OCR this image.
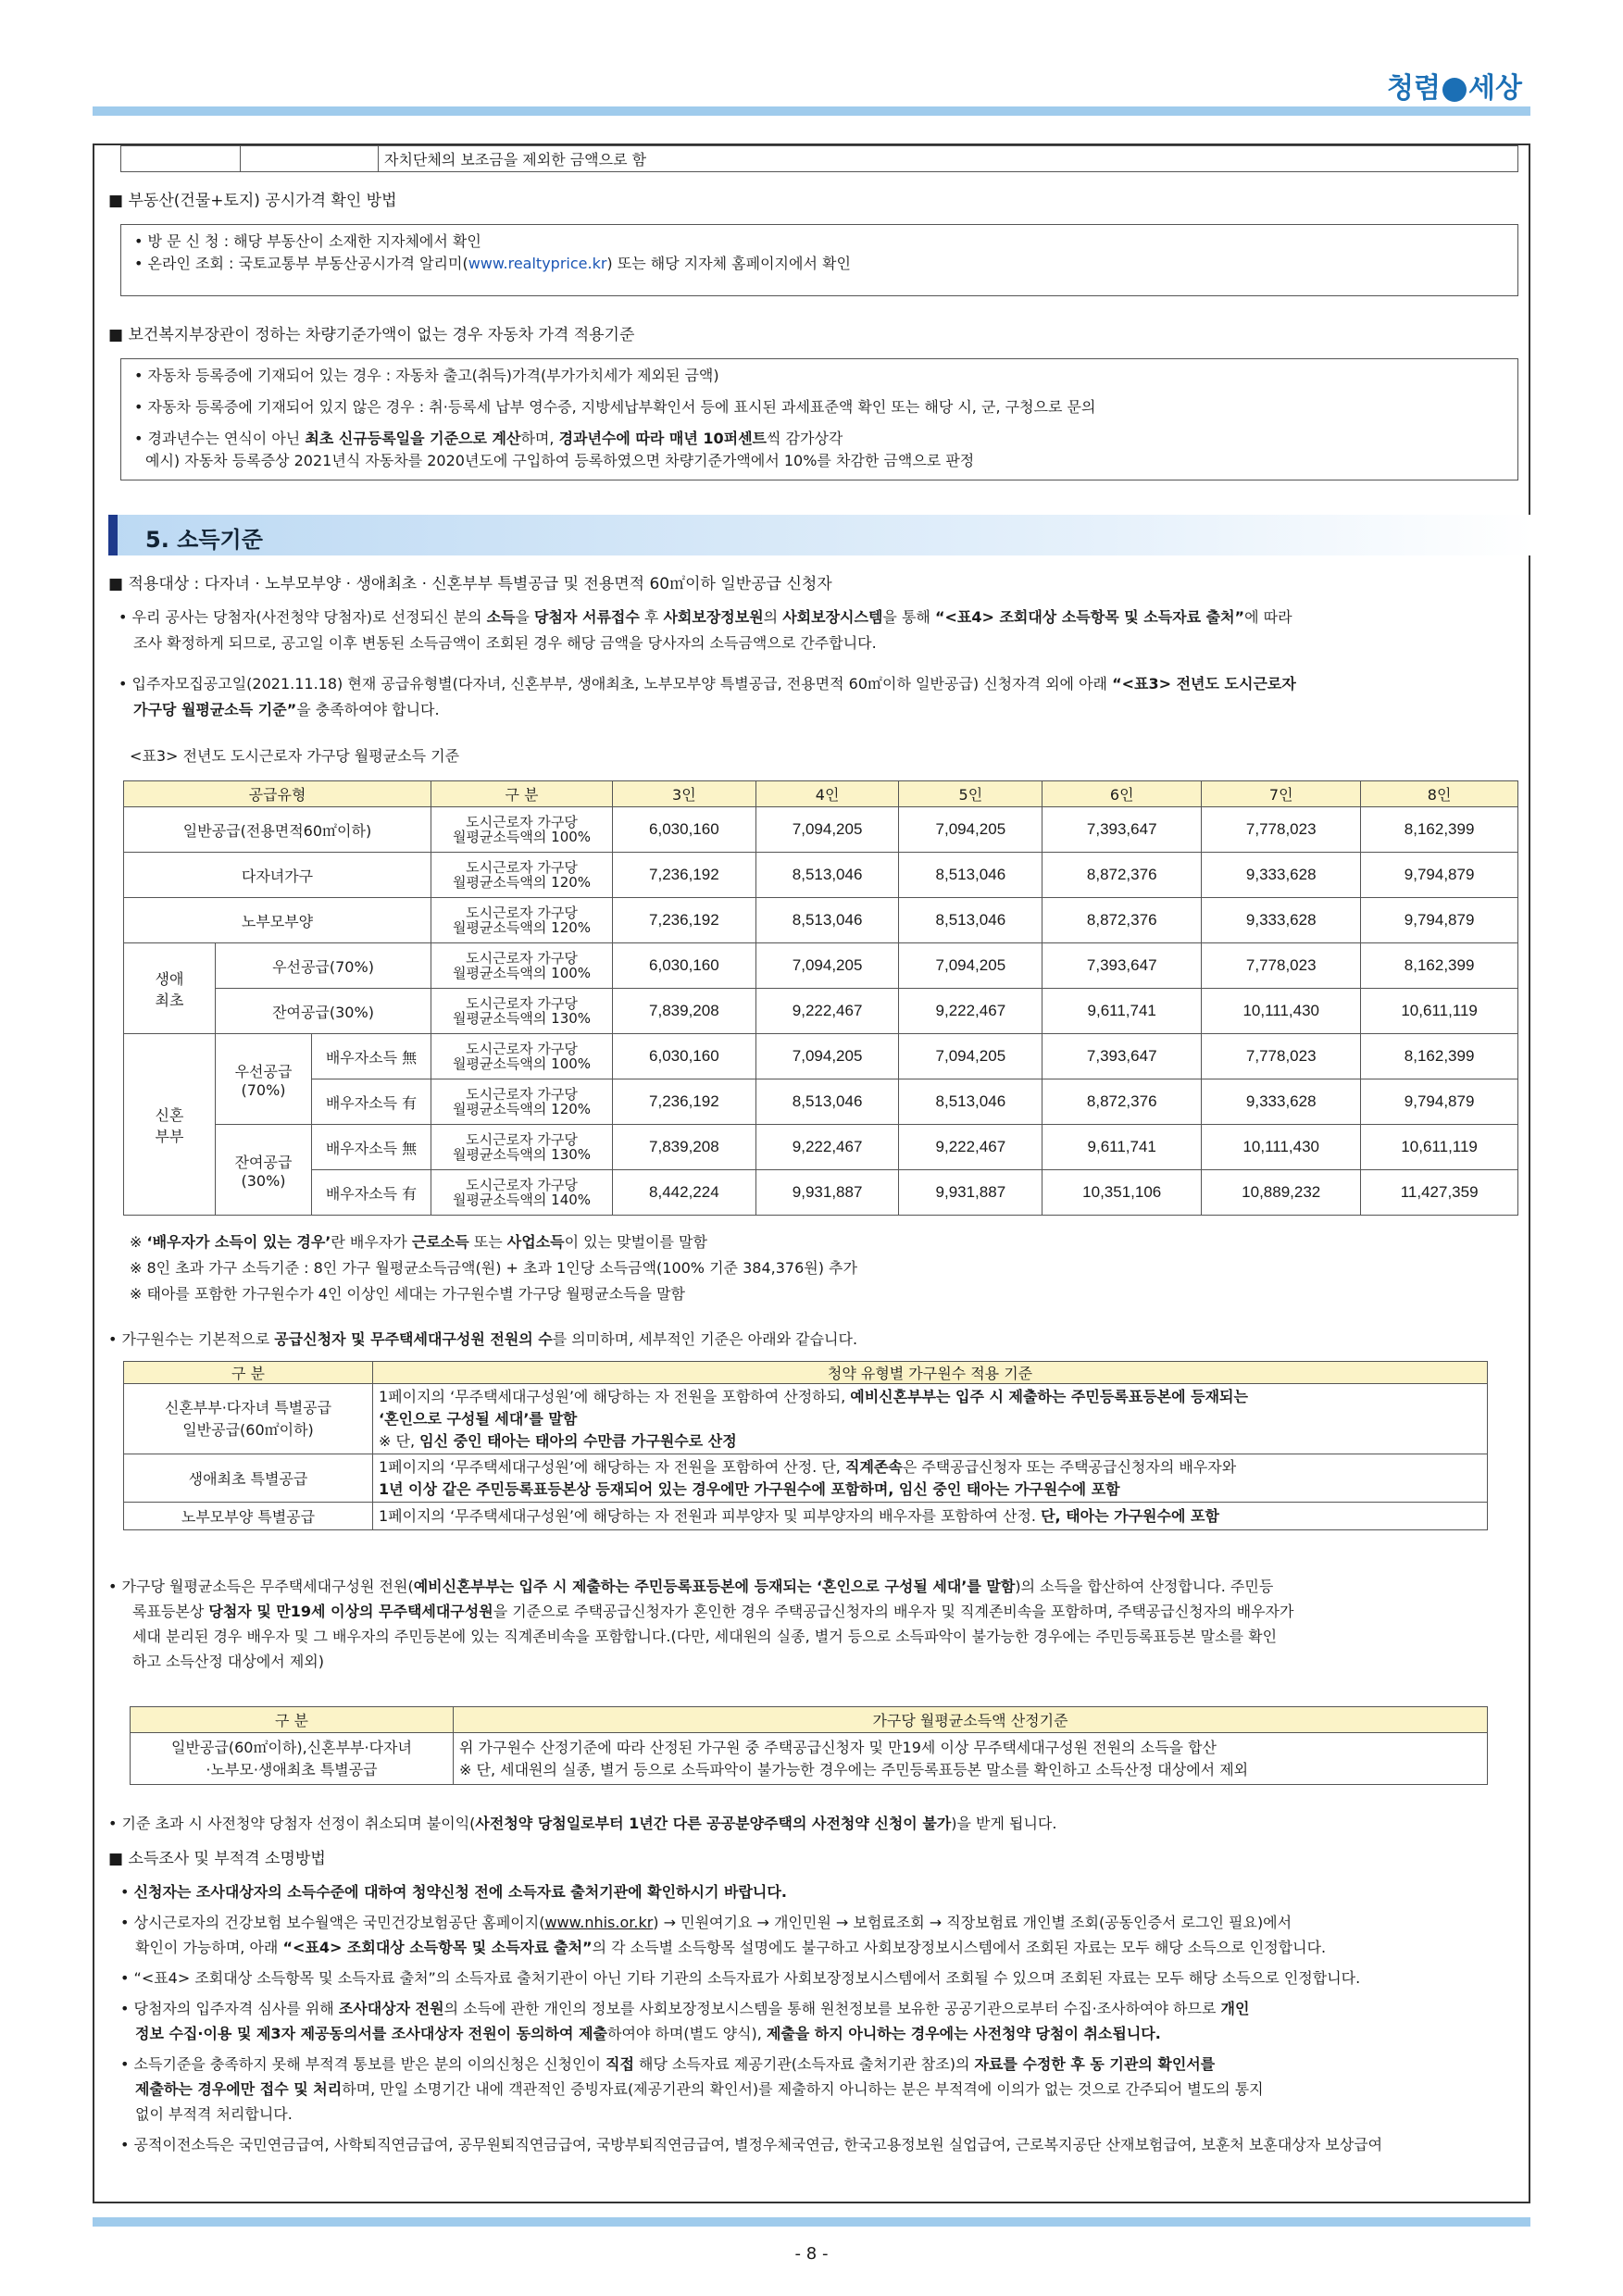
청렴 세상
		자치단체의 보조금을 제외한 금액으로 함
■ 부동산(건물+토지) 공시가격 확인 방법
• 방 문 신 청 : 해당 부동산이 소재한 지자체에서 확인
• 온라인 조회 : 국토교통부 부동산공시가격 알리미(www.realtyprice.kr) 또는 해당 지자체 홈페이지에서 확인
■ 보건복지부장관이 정하는 차량기준가액이 없는 경우 자동차 가격 적용기준
• 자동차 등록증에 기재되어 있는 경우 : 자동차 출고(취득)가격(부가가치세가 제외된 금액)
• 자동차 등록증에 기재되어 있지 않은 경우 : 취·등록세 납부 영수증, 지방세납부확인서 등에 표시된 과세표준액 확인 또는 해당 시, 군, 구청으로 문의
• 경과년수는 연식이 아닌 최초 신규등록일을 기준으로 계산하며, 경과년수에 따라 매년 10퍼센트씩 감가상각
예시) 자동차 등록증상 2021년식 자동차를 2020년도에 구입하여 등록하였으면 차량기준가액에서 10%를 차감한 금액으로 판정
5. 소득기준
■ 적용대상 : 다자녀 · 노부모부양 · 생애최초 · 신혼부부 특별공급 및 전용면적 60㎡이하 일반공급 신청자
• 우리 공사는 당첨자(사전청약 당첨자)로 선정되신 분의 소득을 당첨자 서류접수 후 사회보장정보원의 사회보장시스템을 통해 “<표4> 조회대상 소득항목 및 소득자료 출처”에 따라
조사 확정하게 되므로, 공고일 이후 변동된 소득금액이 조회된 경우 해당 금액을 당사자의 소득금액으로 간주합니다.
• 입주자모집공고일(2021.11.18) 현재 공급유형별(다자녀, 신혼부부, 생애최초, 노부모부양 특별공급, 전용면적 60㎡이하 일반공급) 신청자격 외에 아래 “<표3> 전년도 도시근로자
가구당 월평균소득 기준”을 충족하여야 합니다.
<표3> 전년도 도시근로자 가구당 월평균소득 기준
공급유형			구 분	3인	4인	5인	6인	7인	8인
일반공급(전용면적60㎡이하)			도시근로자 가구당
월평균소득액의 100%	6,030,160	7,094,205	7,094,205	7,393,647	7,778,023	8,162,399
다자녀가구			도시근로자 가구당
월평균소득액의 120%	7,236,192	8,513,046	8,513,046	8,872,376	9,333,628	9,794,879
노부모부양			도시근로자 가구당
월평균소득액의 120%	7,236,192	8,513,046	8,513,046	8,872,376	9,333,628	9,794,879
생애
최초	우선공급(70%)		도시근로자 가구당
월평균소득액의 100%	6,030,160	7,094,205	7,094,205	7,393,647	7,778,023	8,162,399
	잔여공급(30%)		도시근로자 가구당
월평균소득액의 130%	7,839,208	9,222,467	9,222,467	9,611,741	10,111,430	10,611,119
신혼
부부	우선공급
(70%)	배우자소득 無	도시근로자 가구당
월평균소득액의 100%	6,030,160	7,094,205	7,094,205	7,393,647	7,778,023	8,162,399
		배우자소득 有	도시근로자 가구당
월평균소득액의 120%	7,236,192	8,513,046	8,513,046	8,872,376	9,333,628	9,794,879
	잔여공급
(30%)	배우자소득 無	도시근로자 가구당
월평균소득액의 130%	7,839,208	9,222,467	9,222,467	9,611,741	10,111,430	10,611,119
		배우자소득 有	도시근로자 가구당
월평균소득액의 140%	8,442,224	9,931,887	9,931,887	10,351,106	10,889,232	11,427,359
※ ‘배우자가 소득이 있는 경우’란 배우자가 근로소득 또는 사업소득이 있는 맞벌이를 말함
※ 8인 초과 가구 소득기준 : 8인 가구 월평균소득금액(원) + 초과 1인당 소득금액(100% 기준 384,376원) 추가
※ 태아를 포함한 가구원수가 4인 이상인 세대는 가구원수별 가구당 월평균소득을 말함
• 가구원수는 기본적으로 공급신청자 및 무주택세대구성원 전원의 수를 의미하며, 세부적인 기준은 아래와 같습니다.
구 분	청약 유형별 가구원수 적용 기준
신혼부부·다자녀 특별공급
일반공급(60㎡이하)	1페이지의 ‘무주택세대구성원’에 해당하는 자 전원을 포함하여 산정하되, 예비신혼부부는 입주 시 제출하는 주민등록표등본에 등재되는
‘혼인으로 구성될 세대’를 말함
※ 단, 임신 중인 태아는 태아의 수만큼 가구원수로 산정
생애최초 특별공급	1페이지의 ‘무주택세대구성원’에 해당하는 자 전원을 포함하여 산정. 단, 직계존속은 주택공급신청자 또는 주택공급신청자의 배우자와
1년 이상 같은 주민등록표등본상 등재되어 있는 경우에만 가구원수에 포함하며, 임신 중인 태아는 가구원수에 포함
노부모부양 특별공급	1페이지의 ‘무주택세대구성원’에 해당하는 자 전원과 피부양자 및 피부양자의 배우자를 포함하여 산정. 단, 태아는 가구원수에 포함
• 가구당 월평균소득은 무주택세대구성원 전원(예비신혼부부는 입주 시 제출하는 주민등록표등본에 등재되는 ‘혼인으로 구성될 세대’를 말함)의 소득을 합산하여 산정합니다. 주민등
록표등본상 당첨자 및 만19세 이상의 무주택세대구성원을 기준으로 주택공급신청자가 혼인한 경우 주택공급신청자의 배우자 및 직계존비속을 포함하며, 주택공급신청자의 배우자가
세대 분리된 경우 배우자 및 그 배우자의 주민등본에 있는 직계존비속을 포함합니다.(다만, 세대원의 실종, 별거 등으로 소득파악이 불가능한 경우에는 주민등록표등본 말소를 확인
하고 소득산정 대상에서 제외)
구 분	가구당 월평균소득액 산정기준
일반공급(60㎡이하),신혼부부·다자녀
·노부모·생애최초 특별공급	위 가구원수 산정기준에 따라 산정된 가구원 중 주택공급신청자 및 만19세 이상 무주택세대구성원 전원의 소득을 합산
※ 단, 세대원의 실종, 별거 등으로 소득파악이 불가능한 경우에는 주민등록표등본 말소를 확인하고 소득산정 대상에서 제외
• 기준 초과 시 사전청약 당첨자 선정이 취소되며 불이익(사전청약 당첨일로부터 1년간 다른 공공분양주택의 사전청약 신청이 불가)을 받게 됩니다.
■ 소득조사 및 부적격 소명방법
• 신청자는 조사대상자의 소득수준에 대하여 청약신청 전에 소득자료 출처기관에 확인하시기 바랍니다.
• 상시근로자의 건강보험 보수월액은 국민건강보험공단 홈페이지(www.nhis.or.kr) → 민원여기요 → 개인민원 → 보험료조회 → 직장보험료 개인별 조회(공동인증서 로그인 필요)에서
확인이 가능하며, 아래 “<표4> 조회대상 소득항목 및 소득자료 출처”의 각 소득별 소득항목 설명에도 불구하고 사회보장정보시스템에서 조회된 자료는 모두 해당 소득으로 인정합니다.
• “<표4> 조회대상 소득항목 및 소득자료 출처”의 소득자료 출처기관이 아닌 기타 기관의 소득자료가 사회보장정보시스템에서 조회될 수 있으며 조회된 자료는 모두 해당 소득으로 인정합니다.
• 당첨자의 입주자격 심사를 위해 조사대상자 전원의 소득에 관한 개인의 정보를 사회보장정보시스템을 통해 원천정보를 보유한 공공기관으로부터 수집·조사하여야 하므로 개인
정보 수집·이용 및 제3자 제공동의서를 조사대상자 전원이 동의하여 제출하여야 하며(별도 양식), 제출을 하지 아니하는 경우에는 사전청약 당첨이 취소됩니다.
• 소득기준을 충족하지 못해 부적격 통보를 받은 분의 이의신청은 신청인이 직접 해당 소득자료 제공기관(소득자료 출처기관 참조)의 자료를 수정한 후 동 기관의 확인서를
제출하는 경우에만 접수 및 처리하며, 만일 소명기간 내에 객관적인 증빙자료(제공기관의 확인서)를 제출하지 아니하는 분은 부적격에 이의가 없는 것으로 간주되어 별도의 통지
없이 부적격 처리합니다.
• 공적이전소득은 국민연금급여, 사학퇴직연금급여, 공무원퇴직연금급여, 국방부퇴직연금급여, 별정우체국연금, 한국고용정보원 실업급여, 근로복지공단 산재보험급여, 보훈처 보훈대상자 보상급여
- 8 -
